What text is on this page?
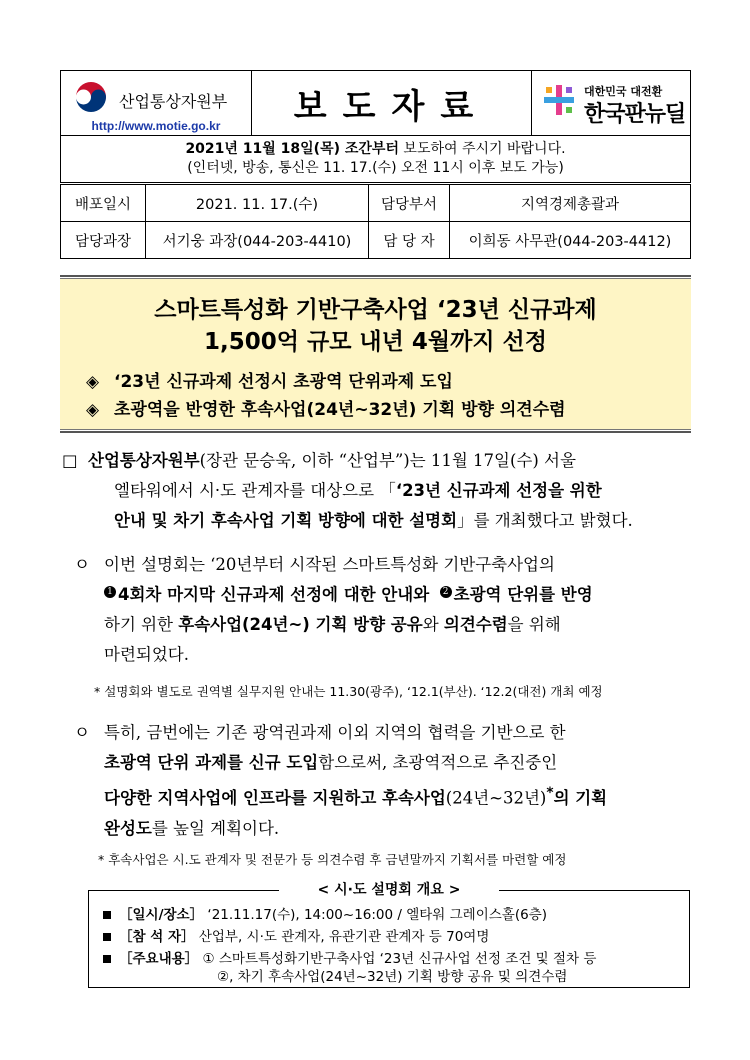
산업통상자원부
http://www.motie.go.kr	보도자료	대한민국 대전환
한국판뉴딜

2021년 11월 18일(목) 조간부터 보도하여 주시기 바랍니다.
(인터넷, 방송, 통신은 11. 17.(수) 오전 11시 이후 보도 가능)
배포일시	2021. 11. 17.(수)	담당부서	지역경제총괄과
담당과장	서기웅 과장(044-203-4410)	담 당 자	이희동 사무관(044-203-4412)
스마트특성화 기반구축사업 ‘23년 신규과제
1,500억 규모 내년 4월까지 선정
◈ ‘23년 신규과제 선정시 초광역 단위과제 도입
◈ 초광역을 반영한 후속사업(24년~32년) 기획 방향 의견수렴
□ 산업통상자원부(장관 문승욱, 이하 “산업부”)는 11월 17일(수) 서울
엘타워에서 시·도 관계자를 대상으로 「‘23년 신규과제 선정을 위한
안내 및 차기 후속사업 기획 방향에 대한 설명회」를 개최했다고 밝혔다.
ㅇ 이번 설명회는 ‘20년부터 시작된 스마트특성화 기반구축사업의
1 4회차 마지막 신규과제 선정에 대한 안내와 2 초광역 단위를 반영
하기 위한 후속사업(24년~) 기획 방향 공유와 의견수렴을 위해
마련되었다.
* 설명회와 별도로 권역별 실무지원 안내는 11.30(광주), ‘12.1(부산). ‘12.2(대전) 개최 예정
ㅇ 특히, 금번에는 기존 광역권과제 이외 지역의 협력을 기반으로 한
초광역 단위 과제를 신규 도입함으로써, 초광역적으로 추진중인
다양한 지역사업에 인프라를 지원하고 후속사업(24년~32년)*의 기획
완성도를 높일 계획이다.
* 후속사업은 시.도 관계자 및 전문가 등 의견수렴 후 금년말까지 기획서를 마련할 예정
< 시·도 설명회 개요 >
［일시/장소］ ‘21.11.17(수), 14:00~16:00 / 엘타워 그레이스홀(6층)
［참 석 자］ 산업부, 시·도 관계자, 유관기관 관계자 등 70여명
［주요내용］ ① 스마트특성화기반구축사업 ‘23년 신규사업 선정 조건 및 절차 등
②, 차기 후속사업(24년~32년) 기획 방향 공유 및 의견수렴
